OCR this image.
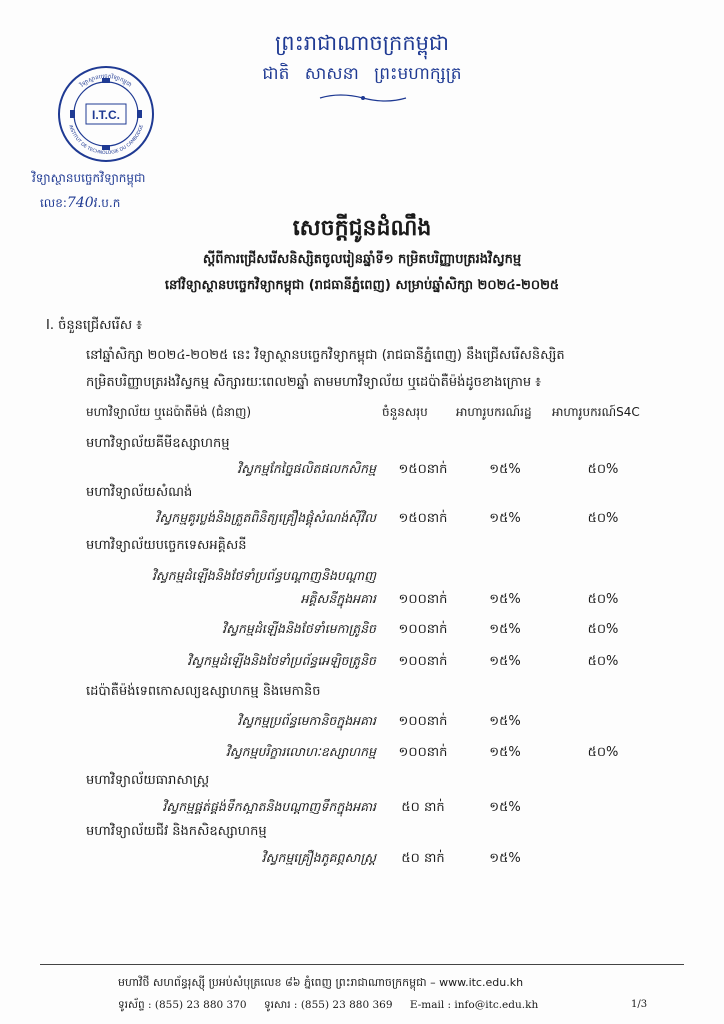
ព្រះរាជាណាចក្រកម្ពុជា
ជាតិ សាសនា ព្រះមហាក្សត្រ
I.T.C.
វិទ្យាស្ថានបច្ចេកវិទ្យាកម្ពុជា
INSTITUT DE TECHNOLOGIE DU CAMBODGE
វិទ្យាស្ថានបច្ចេកវិទ្យាកម្ពុជា
លេខ:740វ.ប.ក
សេចក្ដីជូនដំណឹង
ស្ដីពីការជ្រើសរើសនិស្សិតចូលរៀនឆ្នាំទី១ កម្រិតបរិញ្ញាបត្ររងវិស្វកម្ម
នៅវិទ្យាស្ថានបច្ចេកវិទ្យាកម្ពុជា (រាជធានីភ្នំពេញ) សម្រាប់ឆ្នាំសិក្សា ២០២៤-២០២៥
I. ចំនួនជ្រើសរើស ៖
នៅឆ្នាំសិក្សា ២០២៤-២០២៥ នេះ វិទ្យាស្ថានបច្ចេកវិទ្យាកម្ពុជា (រាជធានីភ្នំពេញ) នឹងជ្រើសរើសនិស្សិត
កម្រិតបរិញ្ញាបត្ររងវិស្វកម្ម សិក្សារយៈពេល២ឆ្នាំ តាមមហាវិទ្យាល័យ ឬដេប៉ាតឺម៉ង់ដូចខាងក្រោម ៖
មហាវិទ្យាល័យ ឬដេប៉ាតឺម៉ង់ (ជំនាញ)	ចំនួនសរុប អាហារូបករណ៍រដ្ឋ អាហារូបករណ៍S4C
មហាវិទ្យាល័យគីមីឧស្សាហកម្ម
វិស្វកម្មកែច្នៃផលិតផលកសិកម្ម	១៥០នាក់	១៥%	៥០%
មហាវិទ្យាល័យសំណង់
វិស្វកម្មគូរប្លង់និងត្រួតពិនិត្យគ្រឿងផ្គុំសំណង់ស៊ីវិល	១៥០នាក់	១៥%	៥០%
មហាវិទ្យាល័យបច្ចេកទេសអគ្គិសនី
វិស្វកម្មដំឡើងនិងថែទាំប្រព័ន្ធបណ្ដាញនិងបណ្ដាញ
អគ្គិសនីក្នុងអគារ	១០០នាក់	១៥%	៥០%
វិស្វកម្មដំឡើងនិងថែទាំមេកាត្រូនិច	១០០នាក់	១៥%	៥០%
វិស្វកម្មដំឡើងនិងថែទាំប្រព័ន្ធអេឡិចត្រូនិច	១០០នាក់	១៥%	៥០%
ដេប៉ាតឺម៉ង់ទេពកោសល្យឧស្សាហកម្ម និងមេកានិច
វិស្វកម្មប្រព័ន្ធមេកានិចក្នុងអគារ	១០០នាក់	១៥%
វិស្វកម្មបរិក្ខារលោហៈឧស្សាហកម្ម	១០០នាក់	១៥%	៥០%
មហាវិទ្យាល័យធារាសាស្ត្រ
វិស្វកម្មផ្គត់ផ្គង់ទឹកស្អាតនិងបណ្ដាញទឹកក្នុងអគារ	៥០ នាក់	១៥%
មហាវិទ្យាល័យជីវ និងកសិឧស្សាហកម្ម
វិស្វកម្មគ្រឿងភូគព្ភសាស្ត្រ	៥០ នាក់	១៥%
មហាវិថី សហព័ន្ធរុស្ស៊ី ប្រអប់សំបុត្រលេខ ៨៦ ភ្នំពេញ ព្រះរាជាណាចក្រកម្ពុជា – www.itc.edu.kh
ទូរស័ព្ទ : (855) 23 880 370 ទូរសារ : (855) 23 880 369 E-mail : info@itc.edu.kh	1/3
